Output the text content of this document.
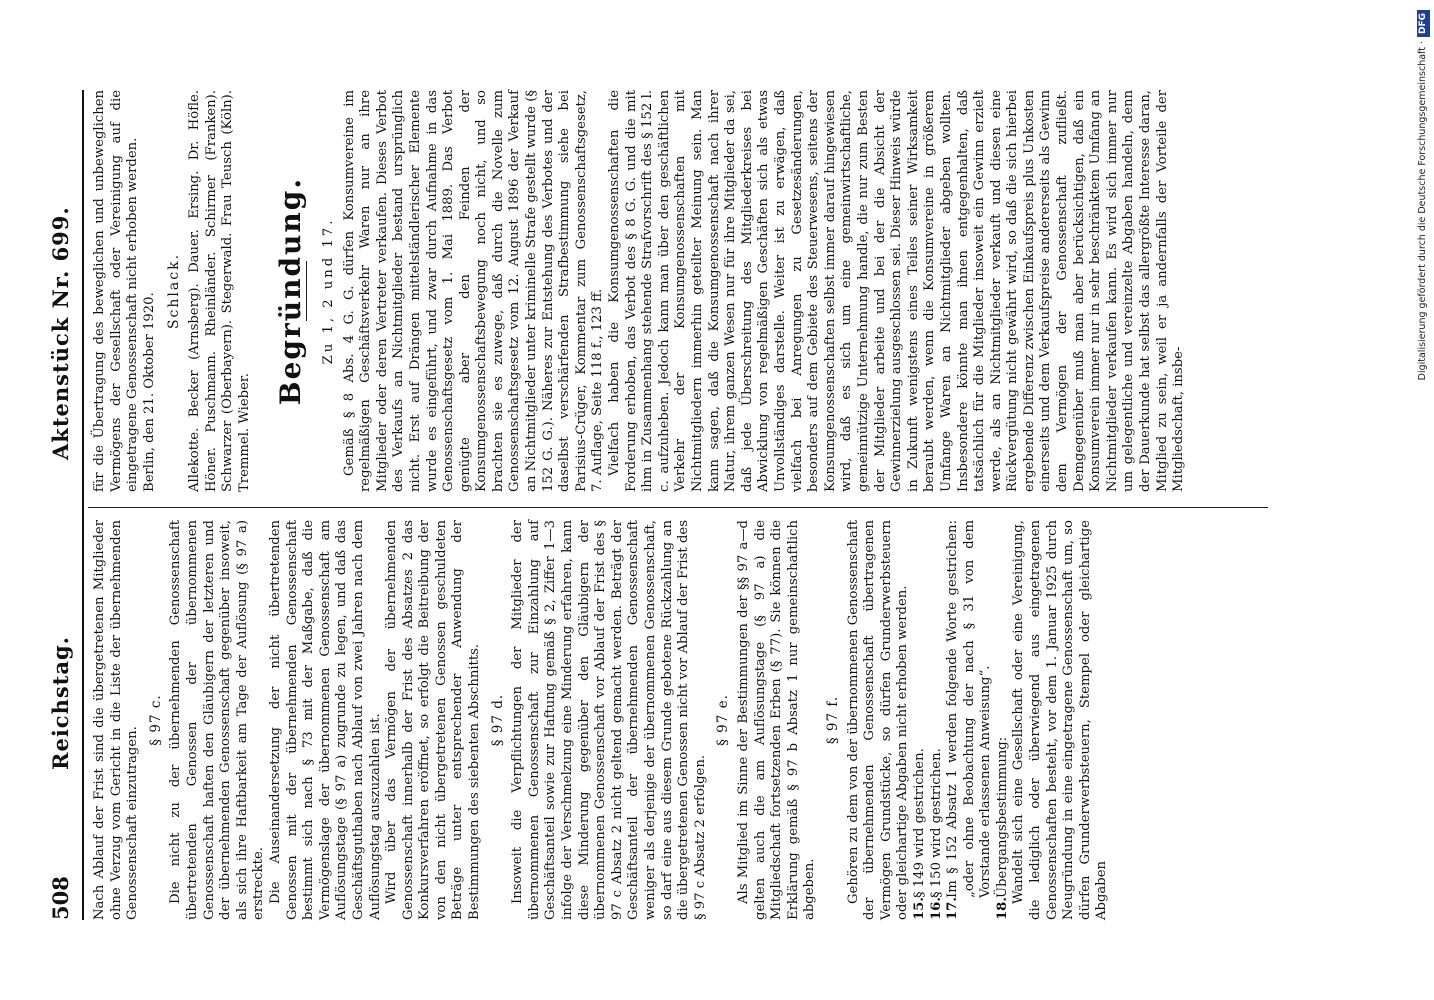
508
Reichstag.
Aktenstück Nr. 699.

Nach Ablauf der Frist sind die übergetretenen Mitglieder ohne Verzug vom Gericht in die Liste der übernehmenden Genossenschaft einzutragen.

§ 97 c. Die nicht zu der übernehmenden Genossenschaft übertretenden Genossen der übernommenen Genossenschaft haften den Gläubigern der letzteren und der übernehmenden Genossenschaft gegenüber insoweit, als sich ihre Haftbarkeit am Tage der Auflösung (§ 97 a) erstreckte. Die Auseinandersetzung der nicht übertretenden Genossen mit der übernehmenden Genossenschaft bestimmt sich nach § 73 mit der Maßgabe, daß die Vermögenslage der übernommenen Genossenschaft am Auflösungstage (§ 97 a) zugrunde zu legen, und daß das Geschäftsguthaben nach Ablauf von zwei Jahren nach dem Auflösungstag auszuzahlen ist. Wird über das Vermögen der übernehmenden Genossenschaft innerhalb der Frist des Absatzes 2 das Konkursverfahren eröffnet, so erfolgt die Beitreibung der von den nicht übergetretenen Genossen geschuldeten Beträge unter entsprechender Anwendung der Bestimmungen des siebenten Abschnitts. § 97 d. Insoweit die Verpflichtungen der Mitglieder der übernommenen Genossenschaft zur Einzahlung auf Geschäftsanteil sowie zur Haftung gemäß § 2, Ziffer 1—3 infolge der Verschmelzung eine Minderung erfahren, kann diese Minderung gegenüber den Gläubigern der übernommenen Genossenschaft vor Ablauf der Frist des § 97 c Absatz 2 nicht geltend gemacht werden. Beträgt der Geschäftsanteil der übernehmenden Genossenschaft weniger als derjenige der übernommenen Genossenschaft, so darf eine aus diesem Grunde gebotene Rückzahlung an die übergetretenen Genossen nicht vor Ablauf der Frist des § 97 c Absatz 2 erfolgen.

§ 97 e. Als Mitglied im Sinne der Bestimmungen der §§ 97 a—d gelten auch die am Auflösungstage (§ 97 a) die Mitgliedschaft fortsetzenden Erben (§ 77). Sie können die Erklärung gemäß § 97 b Absatz 1 nur gemeinschaftlich abgeben.

§ 97 f. Gehören zu dem von der übernommenen Genossenschaft der übernehmenden Genossenschaft übertragenen Vermögen Grundstücke, so dürfen Grunderwerbsteuern oder gleichartige Abgaben nicht erhoben werden. 15.
§ 149 wird gestrichen.

16.
§ 150 wird gestrichen.

17.
Im § 152 Absatz 1 werden folgende Worte gestrichen: „oder ohne Beobachtung der nach § 31 von dem Vorstande erlassenen Anweisung“.

18.
Übergangsbestimmung: Wandelt sich eine Gesellschaft oder eine Vereinigung, die lediglich oder überwiegend aus eingetragenen Genossenschaften besteht, vor dem 1. Januar 1925 durch Neugründung in eine eingetragene Genossenschaft um, so dürfen Grunderwerbsteuern, Stempel oder gleichartige Abgaben

für die Übertragung des beweglichen und unbeweglichen Vermögens der Gesellschaft oder Vereinigung auf die eingetragene Genossenschaft nicht erhoben werden. Berlin, den 21. Oktober 1920.

Schlack. Allekotte. Becker (Arnsberg). Dauer. Ersing. Dr. Höfle. Höner. Puschmann. Rheinländer. Schirmer (Franken). Schwarzer (Oberbayern). Stegerwald. Frau Teusch (Köln). Tremmel. Wieber.

Begründung. Zu 1, 2 und 17. Gemäß § 8 Abs. 4 G. G. dürfen Konsumvereine im regelmäßigen Geschäftsverkehr Waren nur an ihre Mitglieder oder deren Vertreter verkaufen. Dieses Verbot des Verkaufs an Nichtmitglieder bestand ursprünglich nicht. Erst auf Drängen mittelständlerischer Elemente wurde es eingeführt, und zwar durch Aufnahme in das Genossenschaftsgesetz vom 1. Mai 1889. Das Verbot genügte aber den Feinden der Konsumgenossenschaftsbewegung noch nicht, und so brachten sie es zuwege, daß durch die Novelle zum Genossenschaftsgesetz vom 12. August 1896 der Verkauf an Nichtmitglieder unter kriminelle Strafe gestellt wurde (§ 152 G. G.). Näheres zur Entstehung des Verbotes und der daselbst verschärfenden Strafbestimmung siehe bei Parisius-Crüger, Kommentar zum Genossenschaftsgesetz, 7. Auflage, Seite 118 f., 123 ff. Vielfach haben die Konsumgenossenschaften die Forderung erhoben, das Verbot des § 8 G. G. und die mit ihm in Zusammenhang stehende Strafvorschrift des § 152 l. c. aufzuheben. Jedoch kann man über den geschäftlichen Verkehr der Konsumgenossenschaften mit Nichtmitgliedern immerhin geteilter Meinung sein. Man kann sagen, daß die Konsumgenossenschaft nach ihrer Natur, ihrem ganzen Wesen nur für ihre Mitglieder da sei, daß jede Überschreitung des Mitgliederkreises bei Abwicklung von regelmäßigen Geschäften sich als etwas Unvollständiges darstelle. Weiter ist zu erwägen, daß vielfach bei Anregungen zu Gesetzesänderungen, besonders auf dem Gebiete des Steuerwesens, seitens der Konsumgenossenschaften selbst immer darauf hingewiesen wird, daß es sich um eine gemeinwirtschaftliche, gemeinnützige Unternehmung handle, die nur zum Besten der Mitglieder arbeite und bei der die Absicht der Gewinnerzielung ausgeschlossen sei. Dieser Hinweis würde in Zukunft wenigstens eines Teiles seiner Wirksamkeit beraubt werden, wenn die Konsumvereine in größerem Umfange Waren an Nichtmitglieder abgeben wollten. Insbesondere könnte man ihnen entgegenhalten, daß tatsächlich für die Mitglieder insoweit ein Gewinn erzielt werde, als an Nichtmitglieder verkauft und diesen eine Rückvergütung nicht gewährt wird, so daß die sich hierbei ergebende Differenz zwischen Einkaufspreis plus Unkosten einerseits und dem Verkaufspreise andererseits als Gewinn dem Vermögen der Genossenschaft zufließt. Demgegenüber muß man aber berücksichtigen, daß ein Konsumverein immer nur in sehr beschränktem Umfang an Nichtmitglieder verkaufen kann. Es wird sich immer nur um gelegentliche und vereinzelte Abgaben handeln, denn der Dauerkunde hat selbst das allergrößte Interesse daran, Mitglied zu sein, weil er ja andernfalls der Vorteile der Mitgliedschaft, insbe-

Digitalisierung gefördert durch die Deutsche Forschungsgemeinschaft ·DFG
